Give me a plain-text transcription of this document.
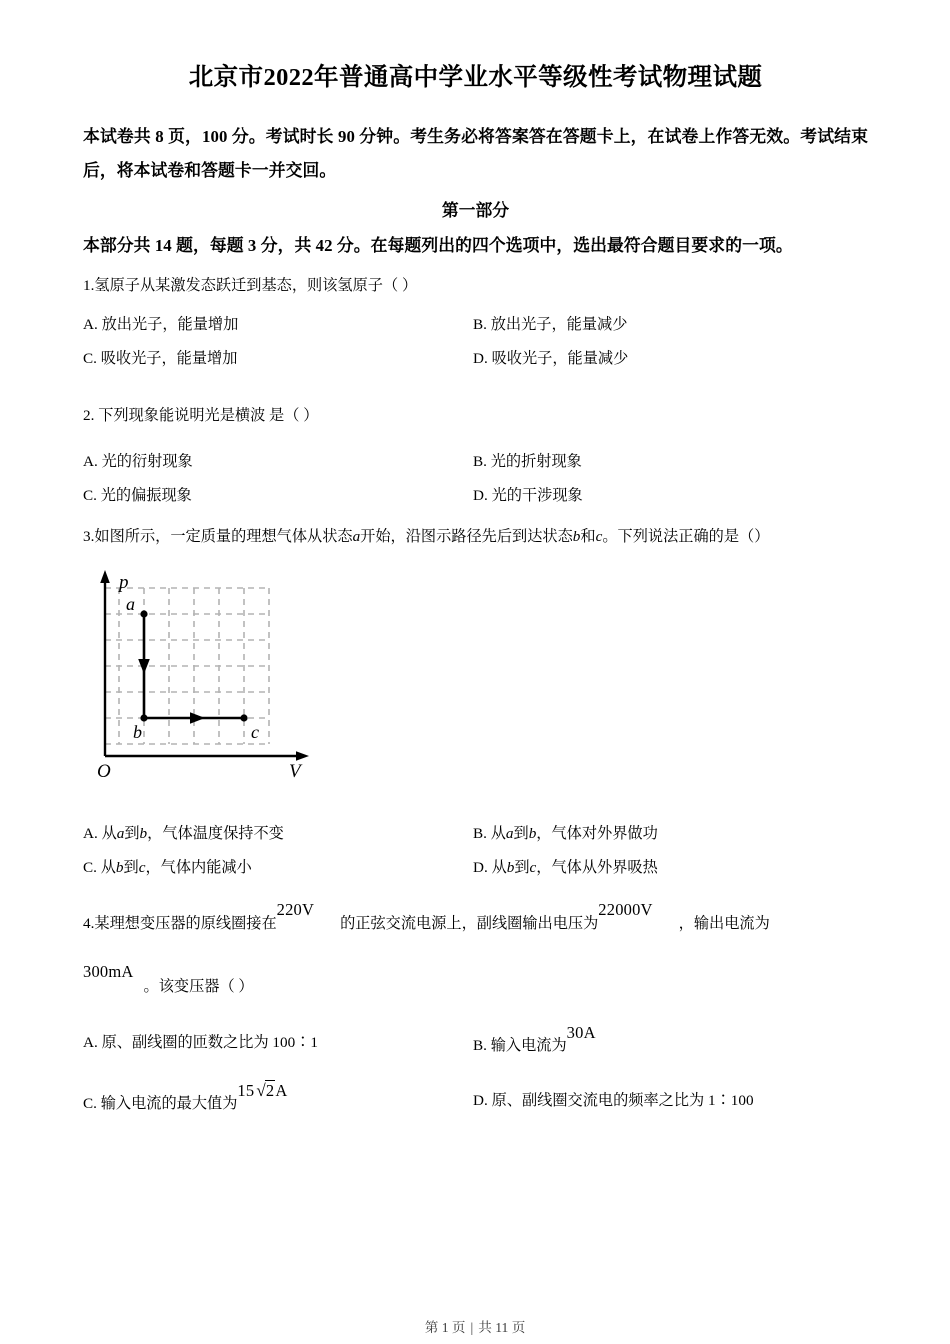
北京市2022年普通高中学业水平等级性考试物理试题

本试卷共 8 页，100 分。考试时长 90 分钟。考生务必将答案答在答题卡上，在试卷上作答无效。考试结束后，将本试卷和答题卡一并交回。

第一部分

本部分共 14 题，每题 3 分，共 42 分。在每题列出的四个选项中，选出最符合题目要求的一项。

1.氢原子从某激发态跃迁到基态，则该氢原子（ ）

A. 放出光子，能量增加	B. 放出光子，能量减少
C. 吸收光子，能量增加	D. 吸收光子，能量减少

2. 下列现象能说明光是横波 是（ ）

A. 光的衍射现象	B. 光的折射现象
C. 光的偏振现象	D. 光的干涉现象

3.如图所示，一定质量的理想气体从状态a开始，沿图示路径先后到达状态b和c。下列说法正确的是（）

p
V
O
a
b	c
A. 从a到b，气体温度保持不变	B. 从a到b，气体对外界做功
C. 从b到c，气体内能减小	D. 从b到c，气体从外界吸热

4.某理想变压器的原线圈接在220V的正弦交流电源上，副线圈输出电压为22000V，输出电流为

300mA。该变压器（ ）

A. 原、副线圈的匝数之比为 100∶1	B. 输入电流为30A
C. 输入电流的最大值为15 √2A
D. 原、副线圈交流电的频率之比为 1∶100
第 1 页 | 共 11 页
